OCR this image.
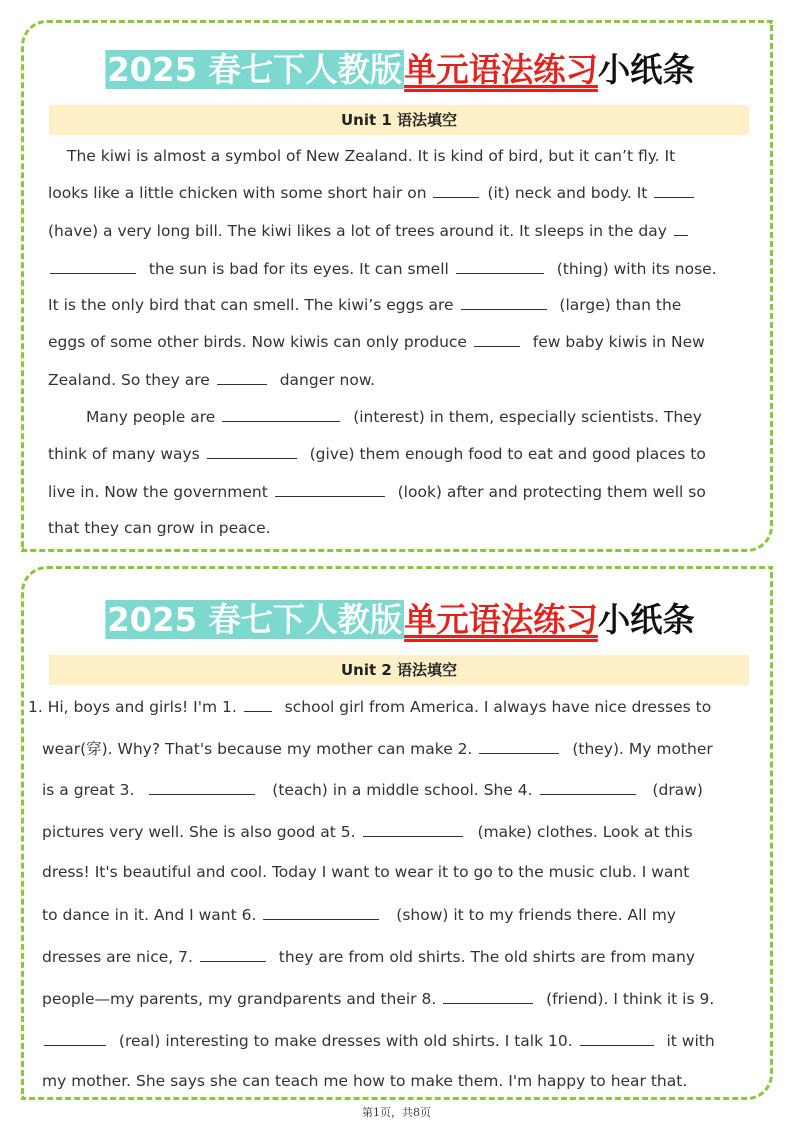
2025 春七下人教版单元语法练习小纸条
Unit 1 语法填空
The kiwi is almost a symbol of New Zealand. It is kind of bird, but it can’t fly. It
looks like a little chicken with some short hair on	(it) neck and body. It
(have) a very long bill. The kiwi likes a lot of trees around it. It sleeps in the day
the sun is bad for its eyes. It can smell	(thing) with its nose.
It is the only bird that can smell. The kiwi’s eggs are	(large) than the
eggs of some other birds. Now kiwis can only produce	few baby kiwis in New
Zealand. So they are	danger now.
Many people are	(interest) in them, especially scientists. They
think of many ways	(give) them enough food to eat and good places to
live in. Now the government	(look) after and protecting them well so
that they can grow in peace.
2025 春七下人教版单元语法练习小纸条
Unit 2 语法填空
1. Hi, boys and girls! I'm 1.  school girl from America. I always have nice dresses to
wear(穿). Why? That's because my mother can make 2.	(they). My mother
is a great 3.	(teach) in a middle school. She 4.	(draw)
pictures very well. She is also good at 5.	(make) clothes. Look at this
dress! It's beautiful and cool. Today I want to wear it to go to the music club. I want
to dance in it. And I want 6.	(show) it to my friends there. All my
dresses are nice, 7.	they are from old shirts. The old shirts are from many
people—my parents, my grandparents and their 8.	(friend). I think it is 9.
(real) interesting to make dresses with old shirts. I talk 10.	it with
my mother. She says she can teach me how to make them. I'm happy to hear that.
第1页，共8页
